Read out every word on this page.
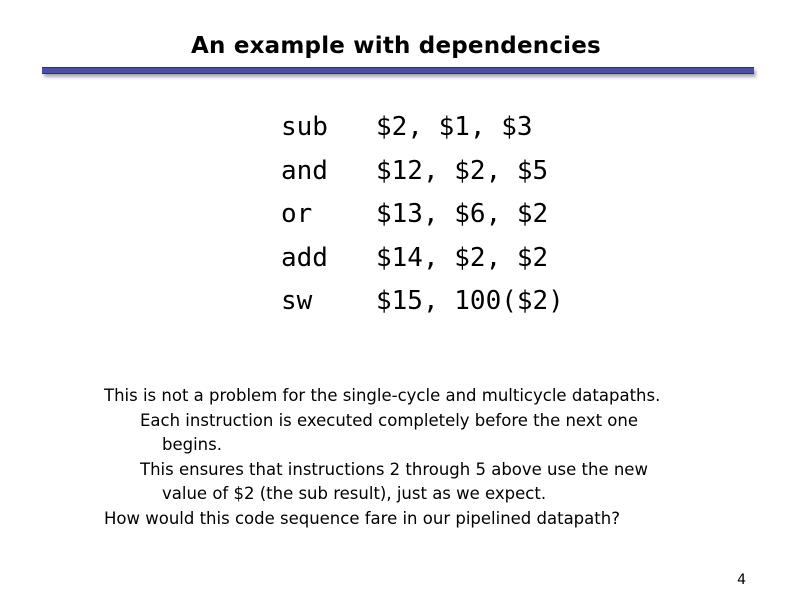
An example with dependencies
sub $2, $1, $3
and $12, $2, $5
or $13, $6, $2
add $14, $2, $2
sw $15, 100($2)
This is not a problem for the single-cycle and multicycle datapaths.
Each instruction is executed completely before the next one
begins.
This ensures that instructions 2 through 5 above use the new
value of $2 (the sub result), just as we expect.
How would this code sequence fare in our pipelined datapath?
4
